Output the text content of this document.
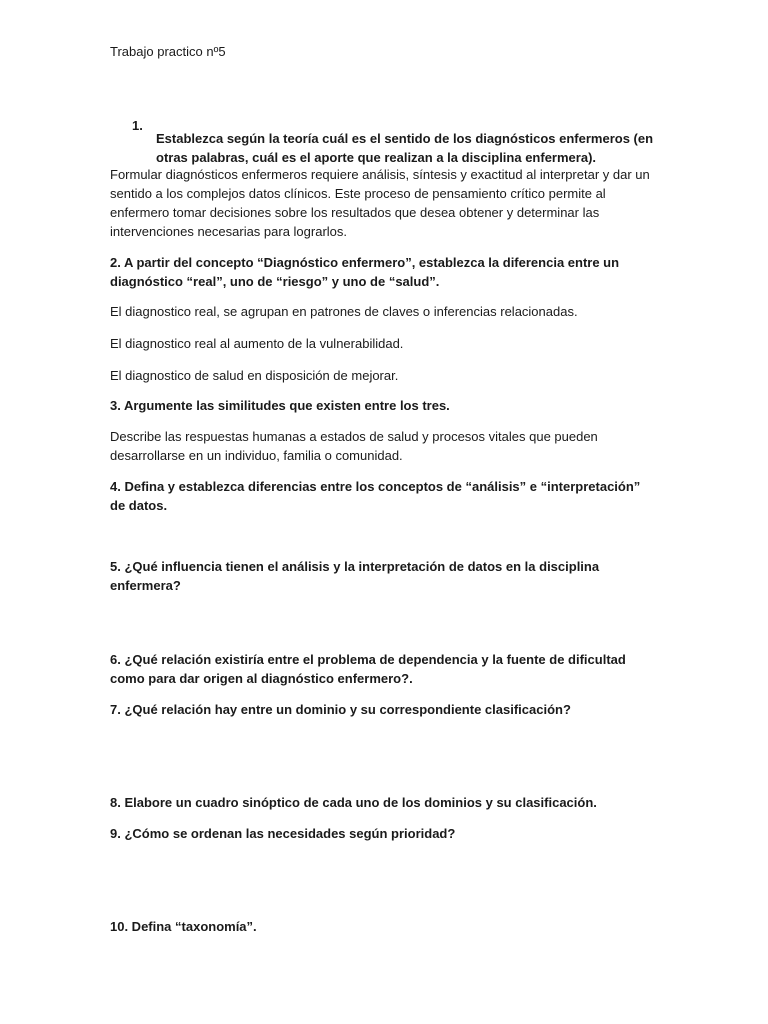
Trabajo practico nº5

1.

Establezca según la teoría cuál es el sentido de los diagnósticos enfermeros (en otras palabras, cuál es el aporte que realizan a la disciplina enfermera).

Formular diagnósticos enfermeros requiere análisis, síntesis y exactitud al interpretar y dar un sentido a los complejos datos clínicos. Este proceso de pensamiento crítico permite al enfermero tomar decisiones sobre los resultados que desea obtener y determinar las intervenciones necesarias para lograrlos.

2. A partir del concepto “Diagnóstico enfermero”, establezca la diferencia entre un diagnóstico “real”, uno de “riesgo” y uno de “salud”.

El diagnostico real, se agrupan en patrones de claves o inferencias relacionadas.

El diagnostico real al aumento de la vulnerabilidad.

El diagnostico de salud en disposición de mejorar.

3. Argumente las similitudes que existen entre los tres.

Describe las respuestas humanas a estados de salud y procesos vitales que pueden desarrollarse en un individuo, familia o comunidad.

4. Defina y establezca diferencias entre los conceptos de “análisis” e “interpretación” de datos.

5. ¿Qué influencia tienen el análisis y la interpretación de datos en la disciplina enfermera?

6. ¿Qué relación existiría entre el problema de dependencia y la fuente de dificultad como para dar origen al diagnóstico enfermero?.

7. ¿Qué relación hay entre un dominio y su correspondiente clasificación?

8. Elabore un cuadro sinóptico de cada uno de los dominios y su clasificación.

9. ¿Cómo se ordenan las necesidades según prioridad?

10. Defina “taxonomía”.
